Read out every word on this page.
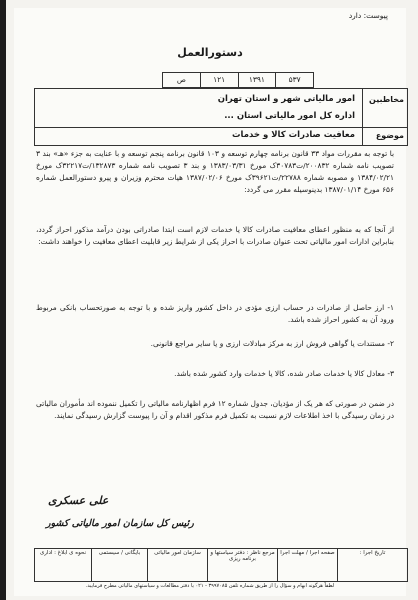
پیوست: دارد
دستورالعمل
۵۳۷
۱۳۹۱
۱۲۱
ص
مخاطبین
امور مالیاتی شهر و استان تهران
اداره کل امور مالیاتی استان ...
موضوع
معافیت صادرات کالا و خدمات
با توجه به مقررات مواد ۳۳ قانون برنامه چهارم توسعه و ۱۰۳ قانون برنامه پنجم توسعه و با عنایت به جزء «هـ» بند ۳ تصویب نامه شماره ۲۰۰۸۳۲/ت۳۰۷۸۳ک مورخ ۱۳۸۳/۰۳/۳۱ و بند ۳ تصویب نامه شماره ۱۳۲۸۷۳/ت۳۲۲۱۷ک مورخ ۱۳۸۴/۰۲/۲۱ و مصوبه شماره ۲۲۷۸۸/ت۳۹۶۲۱ک مورخ ۱۳۸۷/۰۲/۰۶ هیات محترم وزیران و پیرو دستورالعمل شماره ۶۵۶ مورخ ۱۳۸۷/۰۱/۱۴ بدینوسیله مقرر می گردد:
از آنجا که به منظور اعطای معافیت صادرات کالا یا خدمات لازم است ابتدا صادراتی بودن درآمد مذکور احراز گردد، بنابراین ادارات امور مالیاتی تحت عنوان صادرات با احراز یکی از شرایط زیر قابلیت اعطای معافیت را خواهند داشت:
۱- ارز حاصل از صادرات در حساب ارزی مؤدی در داخل کشور واریز شده و با توجه به صورتحساب بانکی مربوط ورود آن به کشور احراز شده باشد.
۲- مستندات یا گواهی فروش ارز به مرکز مبادلات ارزی و یا سایر مراجع قانونی.
۳- معادل کالا یا خدمات صادر شده، کالا یا خدمات وارد کشور شده باشد.
در ضمن در صورتی که هر یک از مؤدیان، جدول شماره ۱۲ فرم اظهارنامه مالیاتی را تکمیل ننموده اند مأموران مالیاتی در زمان رسیدگی با اخذ اطلاعات لازم نسبت به تکمیل فرم مذکور اقدام و آن را پیوست گزارش رسیدگی نمایند.
علی عسکری
رئیس کل سازمان امور مالیاتی کشور
تاریخ اجرا :
صفحه اجرا / مهلت اجرا
مرجع ناظر : دفتر سیاستها و برنامه ریزی
سازمان امور مالیاتی
بایگانی / سیستمی
نحوه ی ابلاغ : اداری
لطفاً هرگونه ابهام و سؤال را از طریق شماره تلفن ۳۹۹۷۰۸۵ - ۰۲۱ یا دفتر مطالعات و سیاستهای مالیاتی مطرح فرمایید.
